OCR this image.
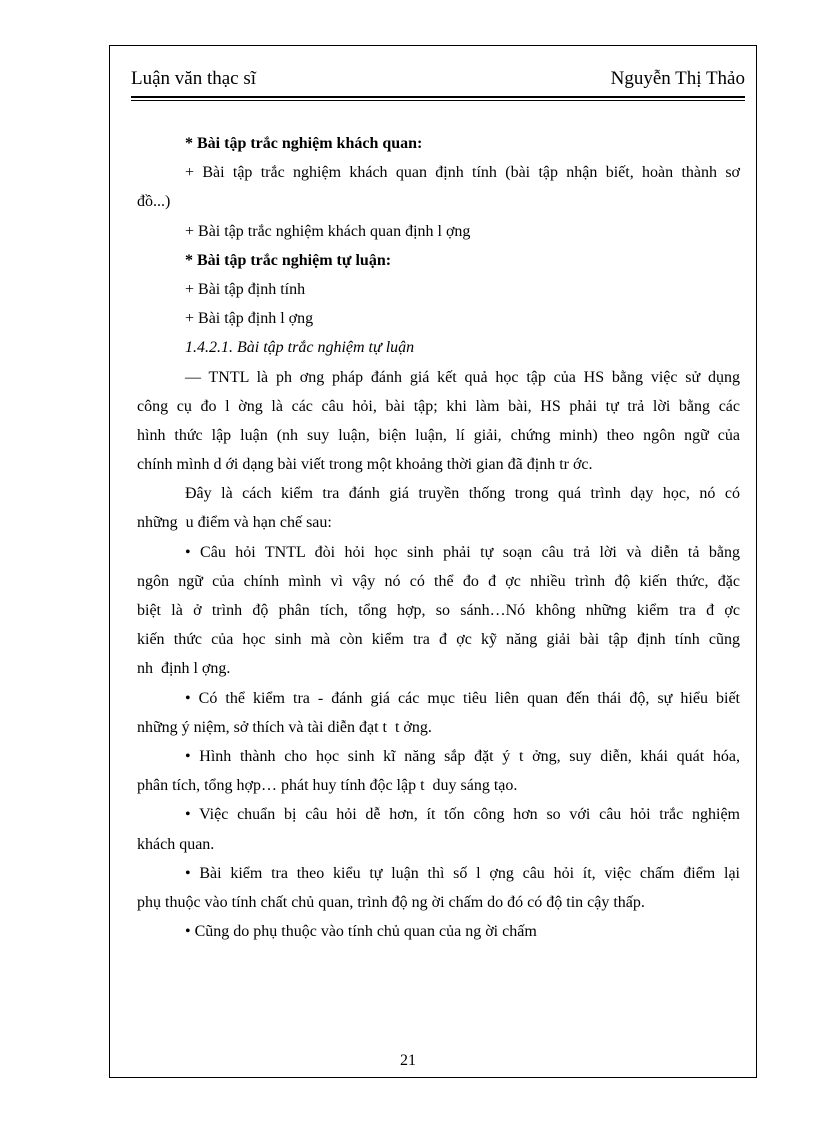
Luận văn thạc sĩ	Nguyễn Thị Thảo
* Bài tập trắc nghiệm khách quan:
+ Bài tập trắc nghiệm khách quan định tính (bài tập nhận biết, hoàn thành sơ
đồ...)
+ Bài tập trắc nghiệm khách quan định l ợng
* Bài tập trắc nghiệm tự luận:
+ Bài tập định tính
+ Bài tập định l ợng
1.4.2.1. Bài tập trắc nghiệm tự luận
— TNTL là ph ơng pháp đánh giá kết quả học tập của HS bằng việc sử dụng
công cụ đo l ờng là các câu hỏi, bài tập; khi làm bài, HS phải tự trả lời bằng các
hình thức lập luận (nh suy luận, biện luận, lí giải, chứng minh) theo ngôn ngữ của
chính mình d ới dạng bài viết trong một khoảng thời gian đã định tr ớc.
Đây là cách kiểm tra đánh giá truyền thống trong quá trình dạy học, nó có
những  u điểm và hạn chế sau:
• Câu hỏi TNTL đòi hỏi học sinh phải tự soạn câu trả lời và diễn tả bằng
ngôn ngữ của chính mình vì vậy nó có thể đo đ ợc nhiều trình độ kiến thức, đặc
biệt là ở trình độ phân tích, tổng hợp, so sánh…Nó không những kiểm tra đ ợc
kiến thức của học sinh mà còn kiểm tra đ ợc kỹ năng giải bài tập định tính cũng
nh  định l ợng.
• Có thể kiểm tra - đánh giá các mục tiêu liên quan đến thái độ, sự hiểu biết
những ý niệm, sở thích và tài diễn đạt t  t ởng.
• Hình thành cho học sinh kĩ năng sắp đặt ý t ởng, suy diễn, khái quát hóa,
phân tích, tổng hợp… phát huy tính độc lập t  duy sáng tạo.
• Việc chuẩn bị câu hỏi dễ hơn, ít tốn công hơn so với câu hỏi trắc nghiệm
khách quan.
• Bài kiểm tra theo kiểu tự luận thì số l ợng câu hỏi ít, việc chấm điểm lại
phụ thuộc vào tính chất chủ quan, trình độ ng ời chấm do đó có độ tin cậy thấp.
• Cũng do phụ thuộc vào tính chủ quan của ng ời chấm
21
